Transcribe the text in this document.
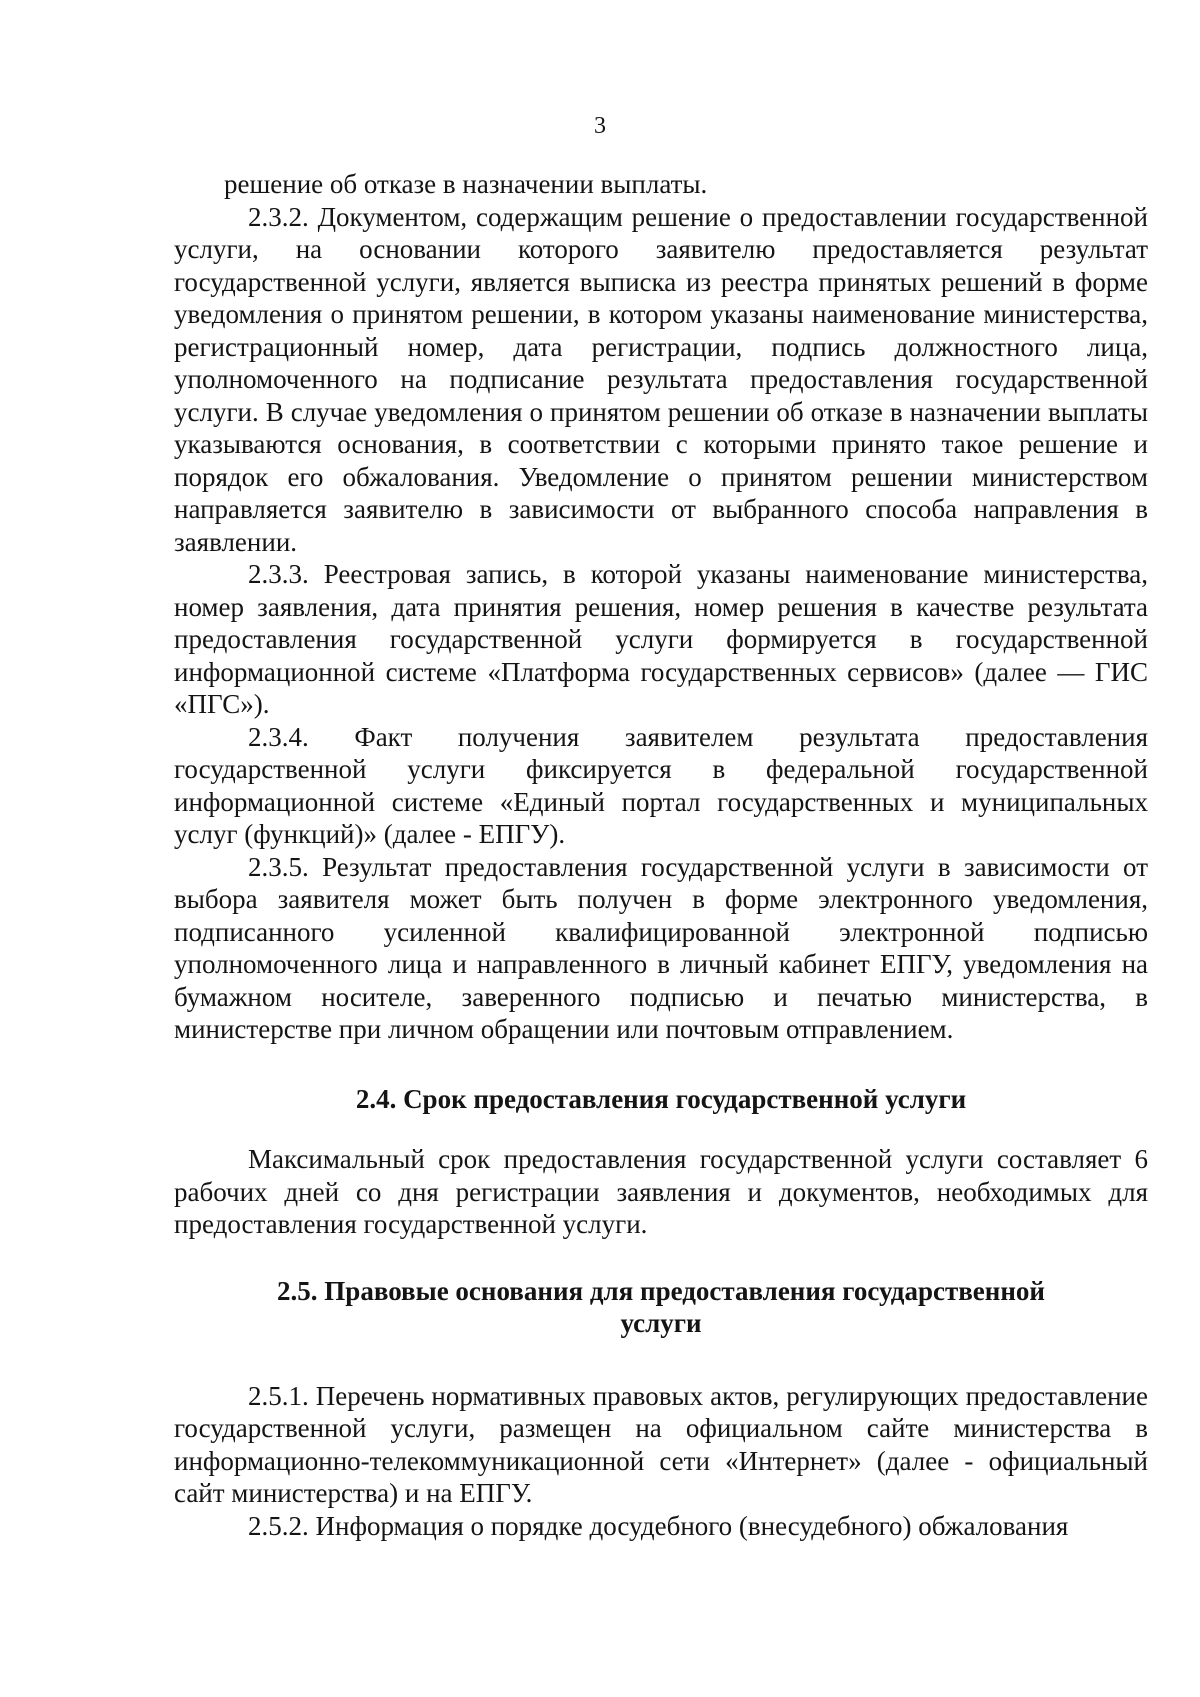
3

решение об отказе в назначении выплаты.

2.3.2. Документом, содержащим решение о предоставлении государственной услуги, на основании которого заявителю предоставляется результат государственной услуги, является выписка из реестра принятых решений в форме уведомления о принятом решении, в котором указаны наименование министерства, регистрационный номер, дата регистрации, подпись должностного лица, уполномоченного на подписание результата предоставления государственной услуги. В случае уведомления о принятом решении об отказе в назначении выплаты указываются основания, в соответствии с которыми принято такое решение и порядок его обжалования. Уведомление о принятом решении министерством направляется заявителю в зависимости от выбранного способа направления в заявлении.

2.3.3. Реестровая запись, в которой указаны наименование министерства, номер заявления, дата принятия решения, номер решения в качестве результата предоставления государственной услуги формируется в государственной информационной системе «Платформа государственных сервисов» (далее — ГИС «ПГС»).

2.3.4. Факт получения заявителем результата предоставления государственной услуги фиксируется в федеральной государственной информационной системе «Единый портал государственных и муниципальных услуг (функций)» (далее - ЕПГУ).

2.3.5. Результат предоставления государственной услуги в зависимости от выбора заявителя может быть получен в форме электронного уведомления, подписанного усиленной квалифицированной электронной подписью уполномоченного лица и направленного в личный кабинет ЕПГУ, уведомления на бумажном носителе, заверенного подписью и печатью министерства, в министерстве при личном обращении или почтовым отправлением.

2.4. Срок предоставления государственной услуги

Максимальный срок предоставления государственной услуги составляет 6 рабочих дней со дня регистрации заявления и документов, необходимых для предоставления государственной услуги.

2.5. Правовые основания для предоставления государственной услуги

2.5.1. Перечень нормативных правовых актов, регулирующих предоставление государственной услуги, размещен на официальном сайте министерства в информационно-телекоммуникационной сети «Интернет» (далее - официальный сайт министерства) и на ЕПГУ.

2.5.2. Информация о порядке досудебного (внесудебного) обжалования
